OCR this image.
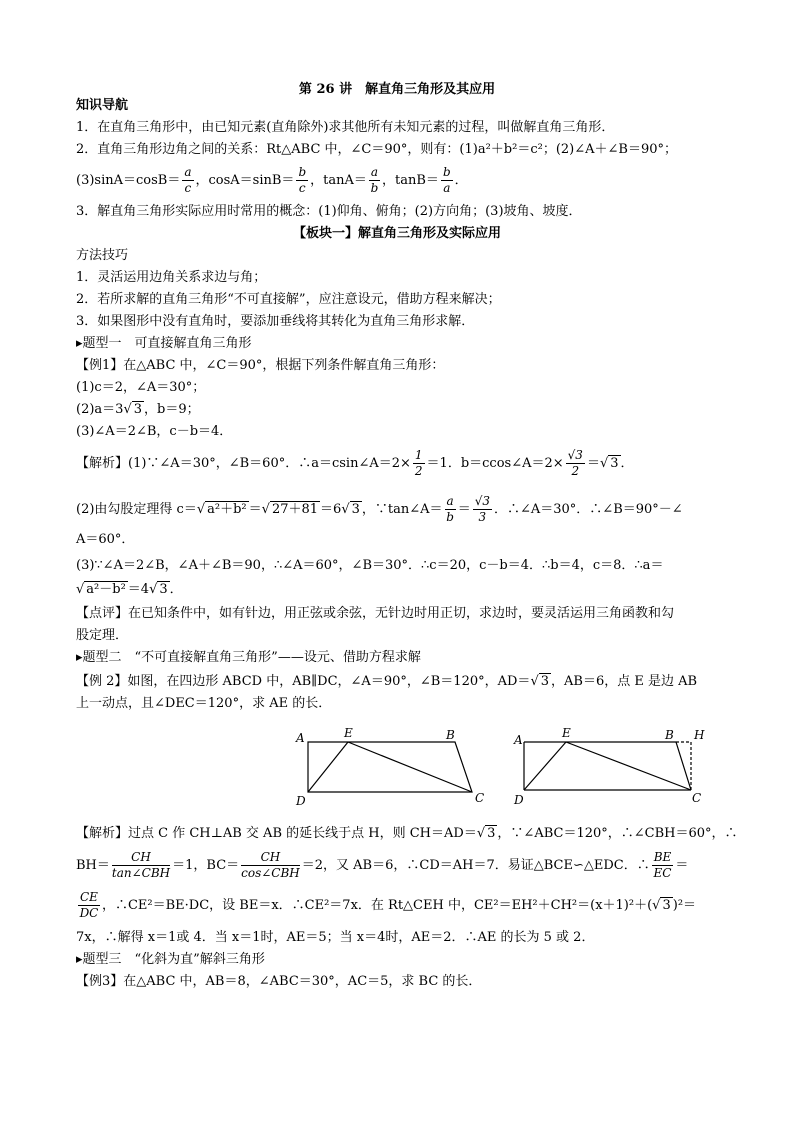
第 26 讲　解直角三角形及其应用
知识导航
1．在直角三角形中，由已知元素(直角除外)求其他所有未知元素的过程，叫做解直角三角形．
2．直角三角形边角之间的关系：Rt△ABC 中，∠C＝90°，则有：(1)a²＋b²＝c²；(2)∠A＋∠B＝90°；
$(3)\sin A=\cos B= \frac{a}{c}$ ，$\cos A=\sin B= \frac{b}{c}$ ，$\tan A= \frac{a}{b}$ ，$\tan B= \frac{b}{a}$ ．
3．解直角三角形实际应用时常用的概念：(1)仰角、俯角；(2)方向角；(3)坡角、坡度．
【板块一】解直角三角形及实际应用
方法技巧
1．灵活运用边角关系求边与角；
2．若所求解的直角三角形“不可直接解”，应注意设元，借助方程来解决；
3．如果图形中没有直角时，要添加垂线将其转化为直角三角形求解．
▸题型一　可直接解直角三角形
【例1】在△ABC 中，∠C＝90°，根据下列条件解直角三角形：
(1)c＝2，∠A＝30°；
(2)a＝3√ 3 ，b＝9；
(3)∠A＝2∠B，c－b＝4．
【解析】(1)∵∠A＝30°，∠B＝60°．∴a＝csin∠A＝2× $\frac{1}{2} =1$．b＝ccos∠A＝2× $\frac{√3}{2}$ ＝√ 3 ．
(2)由勾股定理得 c＝√ a²＋b² ＝√ 27＋81 ＝6√ 3 ，∵tan∠A＝ $\frac{a}{b} = \frac{√3}{3}$ ．∴∠A＝30°．∴∠B＝90°－∠
A＝60°．
(3)∵∠A＝2∠B，∠A＋∠B＝90，∴∠A＝60°，∠B＝30°．∴c＝20，c－b＝4．∴b＝4，c＝8．∴a＝
√ a²－b² ＝4√ 3 ．
【点评】在已知条件中，如有针边，用正弦或余弦，无针边时用正切，求边时，要灵活运用三角函教和勾
股定理．
▸题型二　“不可直接解直角三角形”——设元、借助方程求解
【例 2】如图，在四边形 ABCD 中，AB∥DC，∠A＝90°，∠B＝120°，AD＝√ 3 ，AB＝6，点 E 是边 AB
上一动点，且∠DEC＝120°，求 AE 的长．
A	E	B
D	C
A	E	B H
D	C
【解析】过点 C 作 CH⊥AB 交 AB 的延长线于点 H，则 CH＝AD＝√ 3 ，∵∠ABC＝120°，∴∠CBH＝60°，∴
$BH= \frac{CH}{\text{tan∠CBH}} =1$，$BC= \frac{CH}{\text{cos∠CBH}} =2$，又 AB＝6，∴CD＝AH＝7．易证△BCE∽△EDC．∴ $\frac{BE}{EC}$ ＝
$\frac{CE}{DC}$ ，∴CE²＝BE·DC，设 BE＝x．∴CE²＝7x．在 Rt△CEH 中，CE²＝EH²＋CH²＝(x＋1)²＋(√ 3 )²＝
7x，∴解得 x＝1或 4．当 x＝1时，AE＝5；当 x＝4时，AE＝2．∴AE 的长为 5 或 2．
▸题型三　“化斜为直”解斜三角形
【例3】在△ABC 中，AB＝8，∠ABC＝30°，AC＝5，求 BC 的长．
